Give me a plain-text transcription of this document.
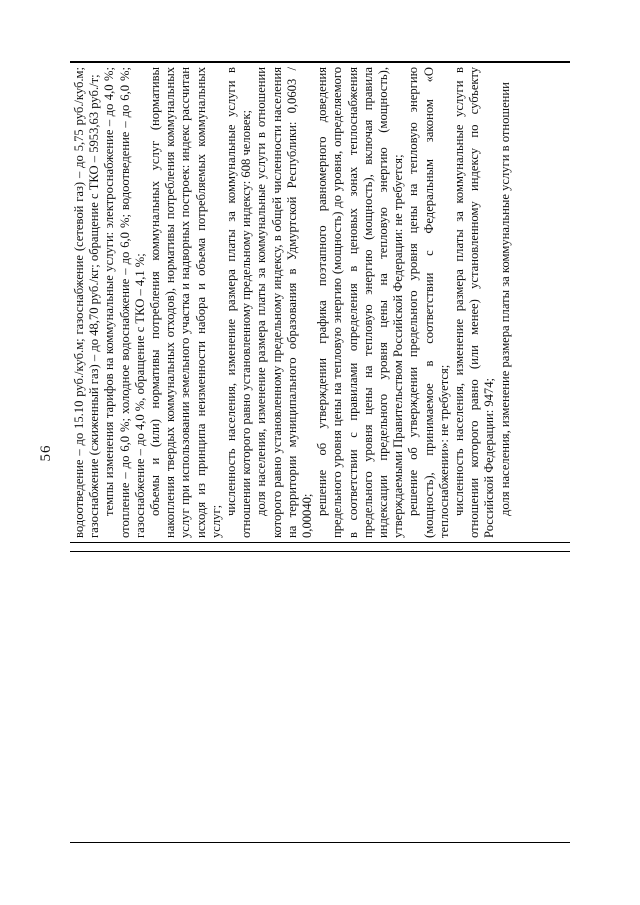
56 водоотведение – до 15.10 руб./куб.м; газоснабжение (сетевой газ) – до 5,75 руб./куб.м; газоснабжение (сжиженный газ) – до 48,70 руб./кг; обращение с ТКО – 5953,63 руб./т; темпы изменения тарифов на коммунальные услуги: электроснабжение – до 4,0 %; отопление – до 6,0 %; холодное водоснабжение – до 6,0 %; водоотведение – до 6,0 %; газоснабжение – до 4,0 %, обращение с ТКО – 4,1 %; объемы и (или) нормативы потребления коммунальных услуг (нормативы накопления твердых коммунальных отходов), нормативы потребления коммунальных услуг при использовании земельного участка и надворных построек: индекс рассчитан исходя из принципа неизменности набора и объема потребляемых коммунальных услуг;

численность населения, изменение размера платы за коммунальные услуги в отношении которого равно установленному предельному индексу: 608 человек; доля населения, изменение размера платы за коммунальные услуги в отношении которого равно установленному предельному индексу, в общей численности населения на территории муниципального образования в Удмуртской Республики: 0,0603 / 0,00040; решение об утверждении графика поэтапного равномерного доведения предельного уровня цены на тепловую энергию (мощность) до уровня, определяемого в соответствии с правилами определения в ценовых зонах теплоснабжения предельного уровня цены на тепловую энергию (мощность), включая правила индексации предельного уровня цены на тепловую энергию (мощность), утверждаемыми Правительством Российской Федерации: не требуется; решение об утверждении предельного уровня цены на тепловую энергию (мощность), принимаемое в соответствии с Федеральным законом «О теплоснабжении»: не требуется; численность населения, изменение размера платы за коммунальные услуги в отношении которого равно (или менее) установленному индексу по субъекту Российской Федерации: 9474; доля населения, изменение размера платы за коммунальные услуги в отношении
